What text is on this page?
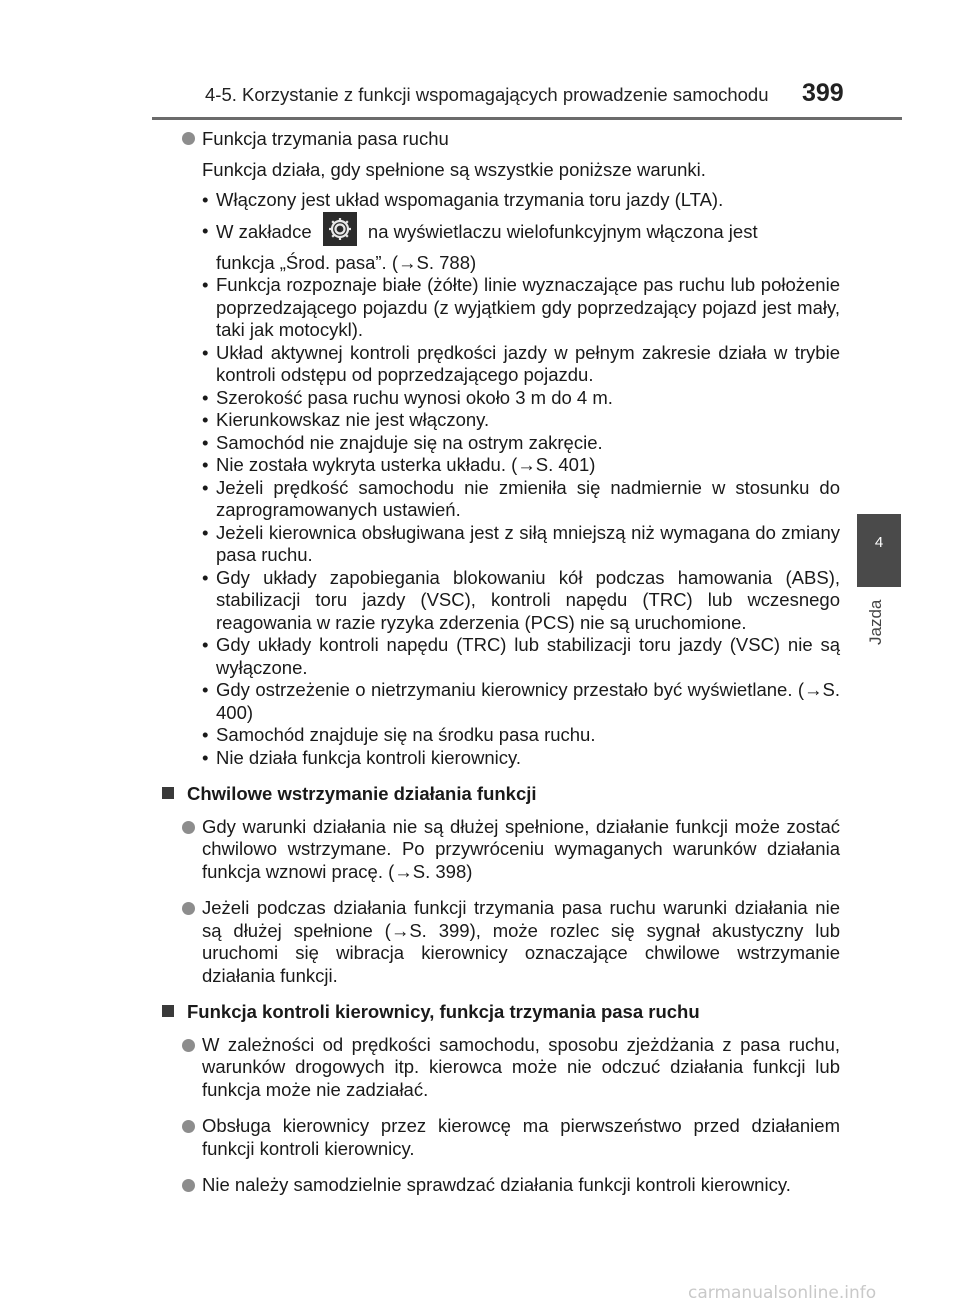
4-5. Korzystanie z funkcji wspomagających prowadzenie samochodu 399
4
Jazda
Funkcja trzymania pasa ruchu
Funkcja działa, gdy spełnione są wszystkie poniższe warunki.
• Włączony jest układ wspomagania trzymania toru jazdy (LTA).
• W zakładce	na wyświetlaczu wielofunkcyjnym włączona jest
funkcja „Środ. pasa”. (→S. 788)
• Funkcja rozpoznaje białe (żółte) linie wyznaczające pas ruchu lub położenie poprzedzającego pojazdu (z wyjątkiem gdy poprzedzający pojazd jest mały, taki jak motocykl).
• Układ aktywnej kontroli prędkości jazdy w pełnym zakresie działa w trybie kontroli odstępu od poprzedzającego pojazdu.
• Szerokość pasa ruchu wynosi około 3 m do 4 m.
• Kierunkowskaz nie jest włączony.
• Samochód nie znajduje się na ostrym zakręcie.
• Nie została wykryta usterka układu. (→S. 401)
• Jeżeli prędkość samochodu nie zmieniła się nadmiernie w stosunku do zaprogramowanych ustawień.
• Jeżeli kierownica obsługiwana jest z siłą mniejszą niż wymagana do zmiany pasa ruchu.
• Gdy układy zapobiegania blokowaniu kół podczas hamowania (ABS), stabilizacji toru jazdy (VSC), kontroli napędu (TRC) lub wczesnego reagowania w razie ryzyka zderzenia (PCS) nie są uruchomione.
• Gdy układy kontroli napędu (TRC) lub stabilizacji toru jazdy (VSC) nie są wyłączone.
• Gdy ostrzeżenie o nietrzymaniu kierownicy przestało być wyświetlane. (→S. 400)
• Samochód znajduje się na środku pasa ruchu.
• Nie działa funkcja kontroli kierownicy.
Chwilowe wstrzymanie działania funkcji
Gdy warunki działania nie są dłużej spełnione, działanie funkcji może zostać chwilowo wstrzymane. Po przywróceniu wymaganych warunków działania funkcja wznowi pracę. (→S. 398)
Jeżeli podczas działania funkcji trzymania pasa ruchu warunki działania nie są dłużej spełnione (→S. 399), może rozlec się sygnał akustyczny lub uruchomi się wibracja kierownicy oznaczające chwilowe wstrzymanie działania funkcji.
Funkcja kontroli kierownicy, funkcja trzymania pasa ruchu
W zależności od prędkości samochodu, sposobu zjeżdżania z pasa ruchu, warunków drogowych itp. kierowca może nie odczuć działania funkcji lub funkcja może nie zadziałać.
Obsługa kierownicy przez kierowcę ma pierwszeństwo przed działaniem funkcji kontroli kierownicy.
Nie należy samodzielnie sprawdzać działania funkcji kontroli kierownicy.
carmanualsonline.info
